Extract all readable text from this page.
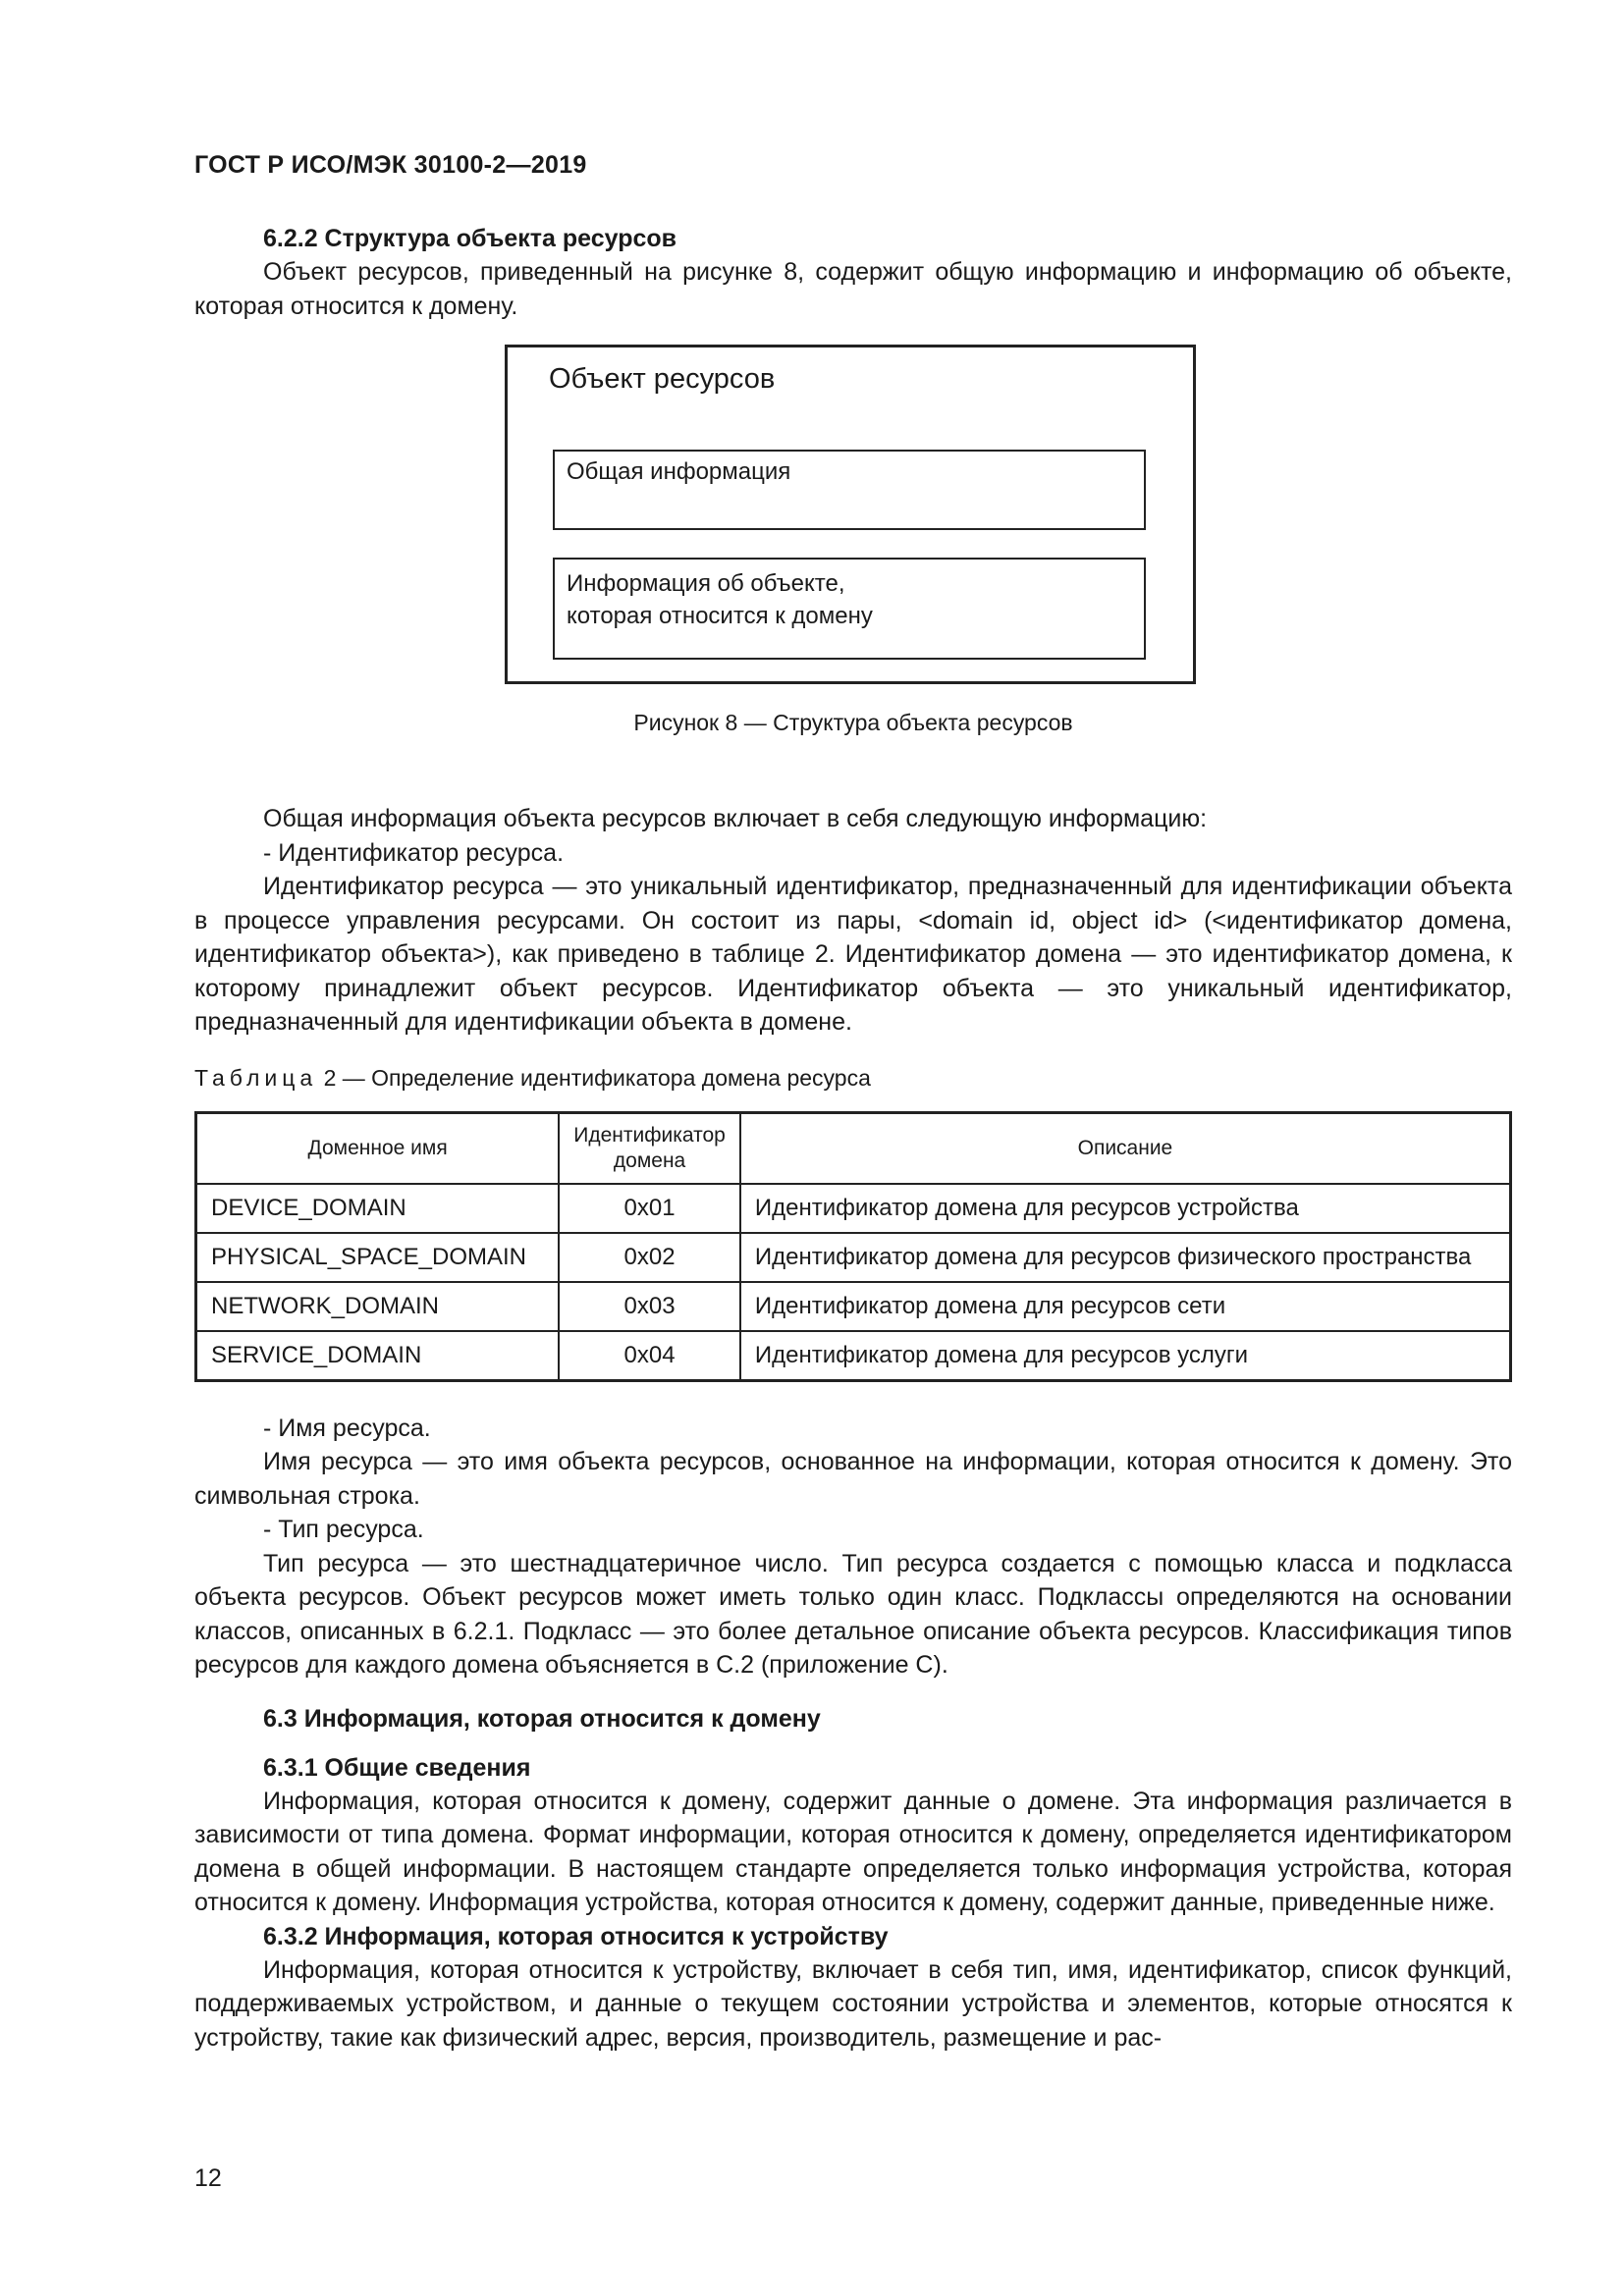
ГОСТ Р ИСО/МЭК 30100-2—2019
6.2.2 Структура объекта ресурсов

Объект ресурсов, приведенный на рисунке 8, содержит общую информацию и информацию об объекте, которая относится к домену.

Объект ресурсов
Общая информация
Информация об объекте,
которая относится к домену
Рисунок 8 — Структура объекта ресурсов

Общая информация объекта ресурсов включает в себя следующую информацию:

- Идентификатор ресурса.

Идентификатор ресурса — это уникальный идентификатор, предназначенный для идентификации объекта в процессе управления ресурсами. Он состоит из пары, <domain id, object id> (<идентификатор домена, идентификатор объекта>), как приведено в таблице 2. Идентификатор домена — это идентификатор домена, к которому принадлежит объект ресурсов. Идентификатор объекта — это уникальный идентификатор, предназначенный для идентификации объекта в домене.

Таблица 2 — Определение идентификатора домена ресурса
Доменное имя	Идентификатор домена	Описание
DEVICE_DOMAIN	0x01	Идентификатор домена для ресурсов устройства
PHYSICAL_SPACE_DOMAIN	0x02	Идентификатор домена для ресурсов физического пространства
NETWORK_DOMAIN	0x03	Идентификатор домена для ресурсов сети
SERVICE_DOMAIN	0x04	Идентификатор домена для ресурсов услуги

- Имя ресурса.

Имя ресурса — это имя объекта ресурсов, основанное на информации, которая относится к домену. Это символьная строка.

- Тип ресурса.

Тип ресурса — это шестнадцатеричное число. Тип ресурса создается с помощью класса и подкласса объекта ресурсов. Объект ресурсов может иметь только один класс. Подклассы определяются на основании классов, описанных в 6.2.1. Подкласс — это более детальное описание объекта ресурсов. Классификация типов ресурсов для каждого домена объясняется в С.2 (приложение С).

6.3 Информация, которая относится к домену
6.3.1 Общие сведения

Информация, которая относится к домену, содержит данные о домене. Эта информация различается в зависимости от типа домена. Формат информации, которая относится к домену, определяется идентификатором домена в общей информации. В настоящем стандарте определяется только информация устройства, которая относится к домену. Информация устройства, которая относится к домену, содержит данные, приведенные ниже.

6.3.2 Информация, которая относится к устройству

Информация, которая относится к устройству, включает в себя тип, имя, идентификатор, список функций, поддерживаемых устройством, и данные о текущем состоянии устройства и элементов, которые относятся к устройству, такие как физический адрес, версия, производитель, размещение и рас-

12
